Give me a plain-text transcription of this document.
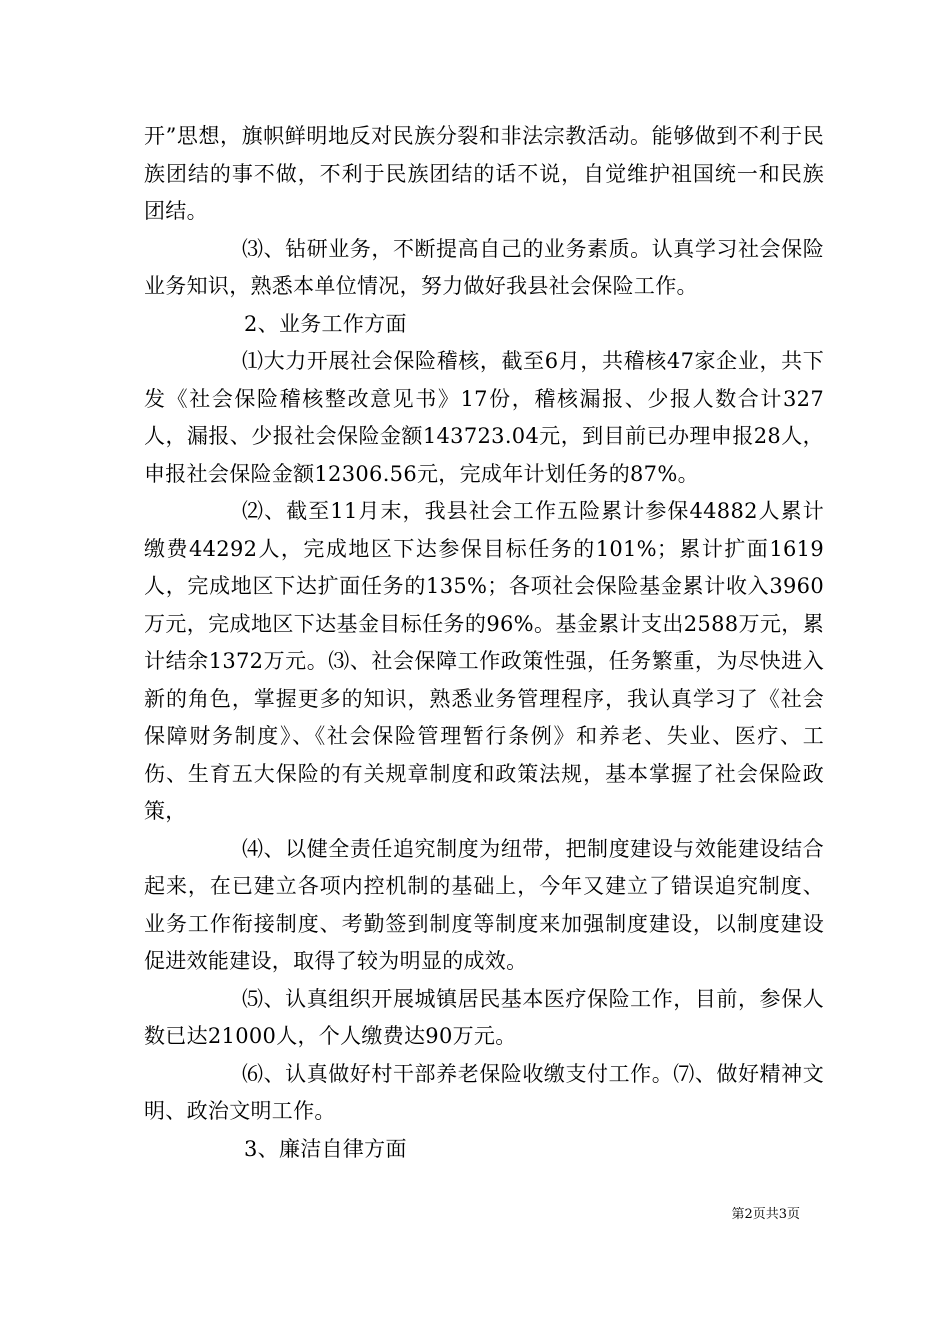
开”思想，旗帜鲜明地反对民族分裂和非法宗教活动。能够做到不利于民族团结的事不做，不利于民族团结的话不说，自觉维护祖国统一和民族团结。

⑶、钻研业务，不断提高自己的业务素质。认真学习社会保险业务知识，熟悉本单位情况，努力做好我县社会保险工作。

2、业务工作方面

⑴大力开展社会保险稽核，截至6月，共稽核47家企业，共下发《社会保险稽核整改意见书》17份，稽核漏报、少报人数合计327人，漏报、少报社会保险金额143723.04元，到目前已办理申报28人，申报社会保险金额12306.56元，完成年计划任务的87%。

⑵、截至11月末，我县社会工作五险累计参保44882人累计缴费44292人，完成地区下达参保目标任务的101%；累计扩面1619人，完成地区下达扩面任务的135%；各项社会保险基金累计收入3960万元，完成地区下达基金目标任务的96%。基金累计支出2588万元，累计结余1372万元。⑶、社会保障工作政策性强，任务繁重，为尽快进入新的角色，掌握更多的知识，熟悉业务管理程序，我认真学习了《社会保障财务制度》、《社会保险管理暂行条例》和养老、失业、医疗、工伤、生育五大保险的有关规章制度和政策法规，基本掌握了社会保险政策，

⑷、以健全责任追究制度为纽带，把制度建设与效能建设结合起来，在已建立各项内控机制的基础上，今年又建立了错误追究制度、业务工作衔接制度、考勤签到制度等制度来加强制度建设，以制度建设促进效能建设，取得了较为明显的成效。

⑸、认真组织开展城镇居民基本医疗保险工作，目前，参保人数已达21000人，个人缴费达90万元。

⑹、认真做好村干部养老保险收缴支付工作。⑺、做好精神文明、政治文明工作。

3、廉洁自律方面

第2页共3页
